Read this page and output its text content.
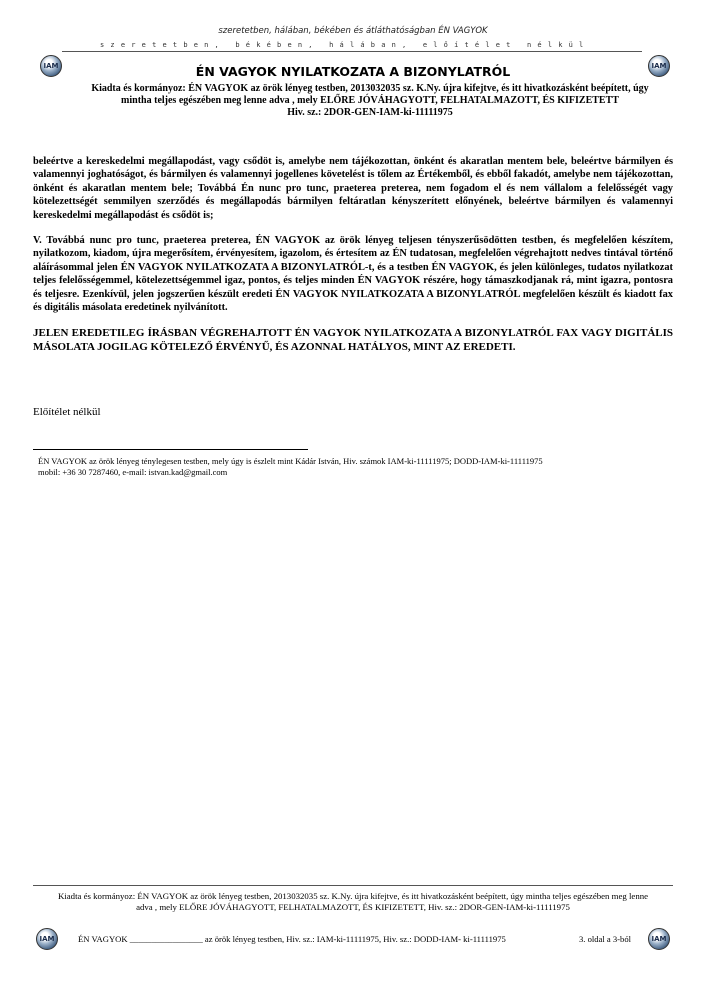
szeretetben, hálában, békében és átláthatóságban ÉN VAGYOK
szeretetben, békében, hálában, előítélet nélkül
IAM	IAM
ÉN VAGYOK NYILATKOZATA A BIZONYLATRÓL
Kiadta és kormányoz: ÉN VAGYOK az örök lényeg testben, 2013032035 sz. K.Ny. újra kifejtve, és itt hivatkozásként beépített, úgy
mintha teljes egészében meg lenne adva , mely ELŐRE JÓVÁHAGYOTT, FELHATALMAZOTT, ÉS KIFIZETETT
Hiv. sz.: 2DOR-GEN-IAM-ki-11111975

beleértve a kereskedelmi megállapodást, vagy csődöt is, amelybe nem tájékozottan, önként és akaratlan mentem bele, beleértve bármilyen és valamennyi joghatóságot, és bármilyen és valamennyi jogellenes követelést is tőlem az Értékemből, és ebből fakadót, amelybe nem tájékozottan, önként és akaratlan mentem bele; Továbbá Én nunc pro tunc, praeterea preterea, nem fogadom el és nem vállalom a felelősségét vagy kötelezettségét semmilyen szerződés és megállapodás bármilyen feltáratlan kényszerített előnyének, beleértve bármilyen és valamennyi kereskedelmi megállapodást és csődöt is;

V. Továbbá nunc pro tunc, praeterea preterea, ÉN VAGYOK az örök lényeg teljesen tényszerűsödötten testben, és megfelelően készítem, nyilatkozom, kiadom, újra megerősítem, érvényesítem, igazolom, és értesítem az ÉN tudatosan, megfelelően végrehajtott nedves tintával történő aláírásommal jelen ÉN VAGYOK NYILATKOZATA A BIZONYLATRÓL-t, és a testben ÉN VAGYOK, és jelen különleges, tudatos nyilatkozat teljes felelősségemmel, kötelezettségemmel igaz, pontos, és teljes minden ÉN VAGYOK részére, hogy támaszkodjanak rá, mint igazra, pontosra és teljesre. Ezenkívül, jelen jogszerűen készült eredeti ÉN VAGYOK NYILATKOZATA A BIZONYLATRÓL megfelelően készült és kiadott fax és digitális másolata eredetinek nyilvánított.

JELEN EREDETILEG ÍRÁSBAN VÉGREHAJTOTT ÉN VAGYOK NYILATKOZATA A BIZONYLATRÓL FAX VAGY DIGITÁLIS MÁSOLATA JOGILAG KÖTELEZŐ ÉRVÉNYŰ, ÉS AZONNAL HATÁLYOS, MINT AZ EREDETI.

Előítélet nélkül
ÉN VAGYOK az örök lényeg ténylegesen testben, mely úgy is észlelt mint Kádár István, Hiv. számok IAM-ki-11111975; DODD-IAM-ki-11111975
mobil: +36 30 7287460, e-mail: istvan.kad@gmail.com
Kiadta és kormányoz: ÉN VAGYOK az örök lényeg testben, 2013032035 sz. K.Ny. újra kifejtve, és itt hivatkozásként beépített, úgy mintha teljes egészében meg lenne
adva , mely ELŐRE JÓVÁHAGYOTT, FELHATALMAZOTT, ÉS KIFIZETETT, Hiv. sz.: 2DOR-GEN-IAM-ki-11111975
IAM	ÉN VAGYOK _________________ az örök lényeg testben, Hiv. sz.: IAM-ki-11111975, Hiv. sz.: DODD-IAM- ki-11111975	3. oldal a 3-ból	IAM
